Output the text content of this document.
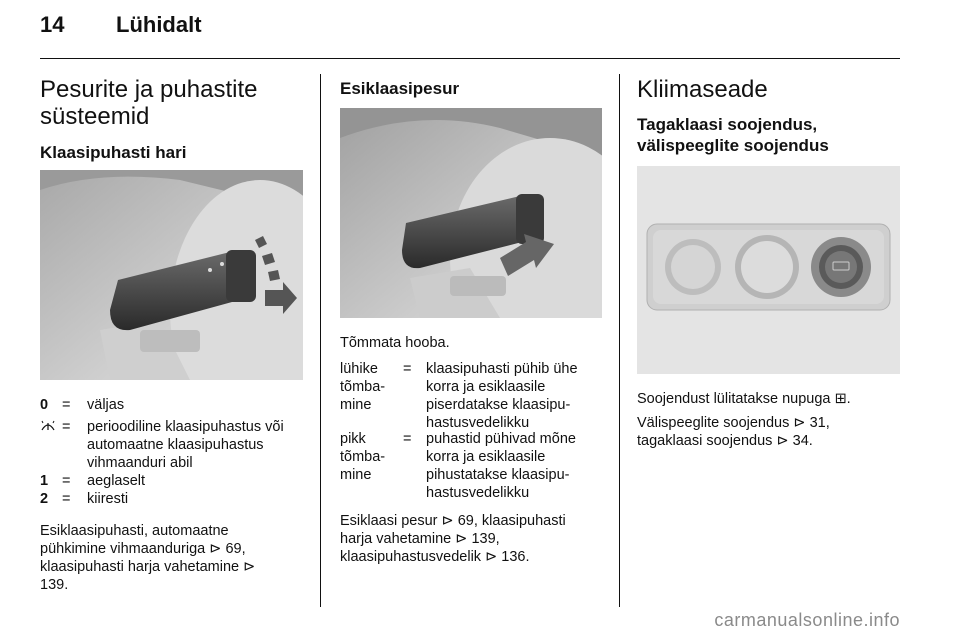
14 Lühidalt
Pesurite ja puhastite süsteemid
Klaasipuhasti hari
0 = väljas
= perioodiline klaasipuhastus või automaatne klaasipuhastus vihmaanduri abil
1 = aeglaselt
2 = kiiresti

Esiklaasipuhasti, automaatne pühkimine vihmaanduriga ⊳ 69, klaasipuhasti harja vahetamine ⊳ 139.

Esiklaasipesur

Tõmmata hooba.

lühike tõmba-mine
= klaasipuhasti pühib ühe korra ja esiklaasile piserdatakse klaasipu-hastusvedelikku
pikk tõmba-mine
= puhastid pühivad mõne korra ja esiklaasile pihustatakse klaasipu-hastusvedelikku

Esiklaasi pesur ⊳ 69, klaasipuhasti harja vahetamine ⊳ 139, klaasipuhastusvedelik ⊳ 136.

Kliimaseade
Tagaklaasi soojendus, välispeeglite soojendus

Soojendust lülitatakse nupuga ⊞.

Välispeeglite soojendus ⊳ 31, tagaklaasi soojendus ⊳ 34.

carmanualsonline.info
